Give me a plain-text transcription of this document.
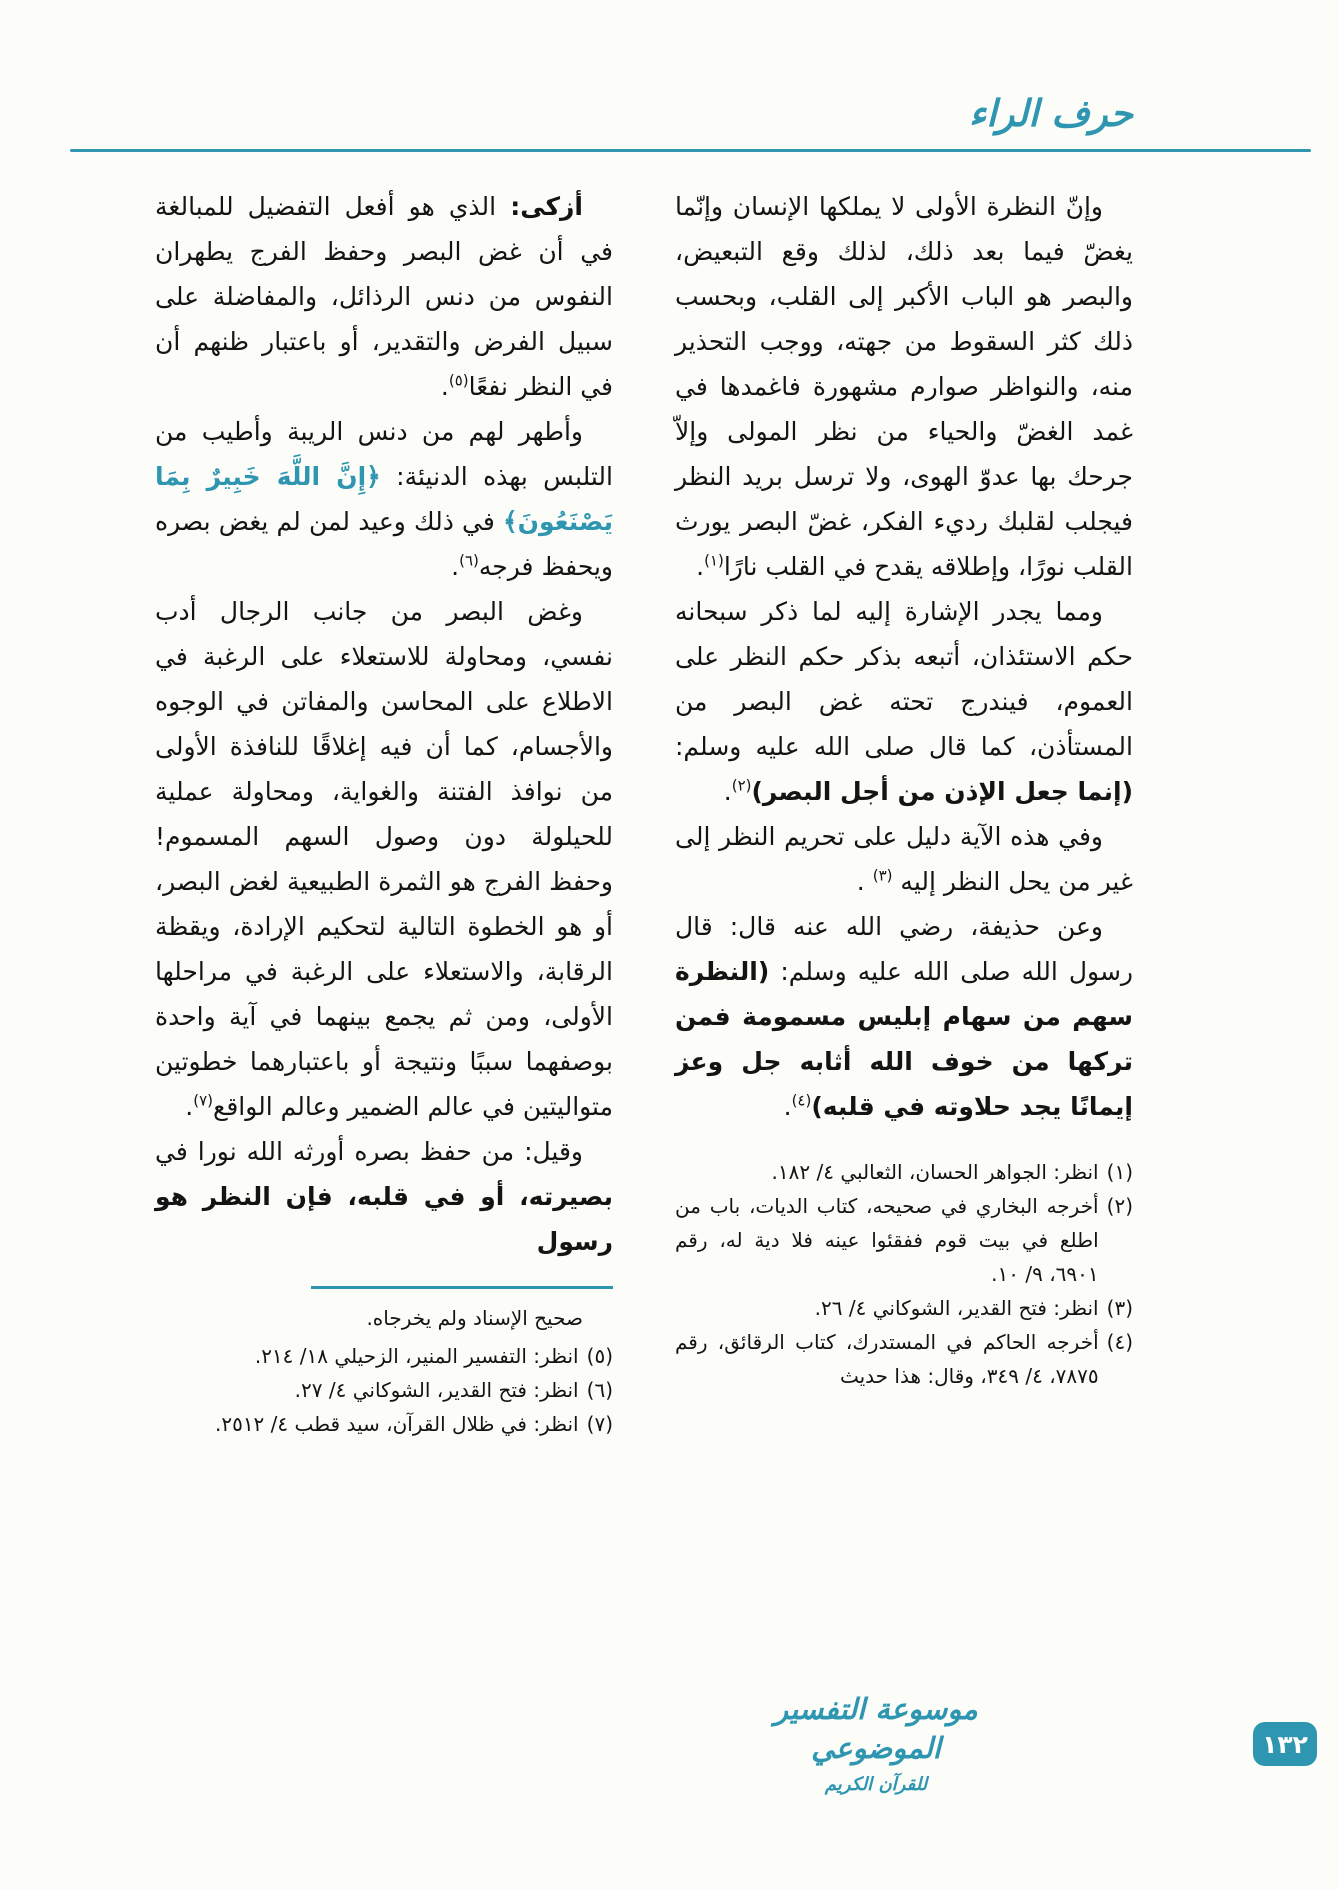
حرف الراء

وإنّ النظرة الأولى لا يملكها الإنسان وإنّما يغضّ فيما بعد ذلك، لذلك وقع التبعيض، والبصر هو الباب الأكبر إلى القلب، وبحسب ذلك كثر السقوط من جهته، ووجب التحذير منه، والنواظر صوارم مشهورة فاغمدها في غمد الغضّ والحياء من نظر المولى وإلاّ جرحك بها عدوّ الهوى، ولا ترسل بريد النظر فيجلب لقلبك رديء الفكر، غضّ البصر يورث القلب نورًا، وإطلاقه يقدح في القلب نارًا$^{(١)}$.

ومما يجدر الإشارة إليه لما ذكر سبحانه حكم الاستئذان، أتبعه بذكر حكم النظر على العموم، فيندرج تحته غض البصر من المستأذن، كما قال صلى الله عليه وسلم: (إنما جعل الإذن من أجل البصر)$^{(٢)}$.

وفي هذه الآية دليل على تحريم النظر إلى غير من يحل النظر إليه $^{(٣)}$ .

وعن حذيفة، رضي الله عنه قال: قال رسول الله صلى الله عليه وسلم: (النظرة سهم من سهام إبليس مسمومة فمن تركها من خوف الله أثابه جل وعز إيمانًا يجد حلاوته في قلبه)$^{(٤)}$.

(١)
انظر: الجواهر الحسان، الثعالبي ٤/ ١٨٢.
(٢)
أخرجه البخاري في صحيحه، كتاب الديات، باب من اطلع في بيت قوم ففقئوا عينه فلا دية له، رقم ٦٩٠١، ٩/ ١٠.
(٣)
انظر: فتح القدير، الشوكاني ٤/ ٢٦.
(٤)
أخرجه الحاكم في المستدرك، كتاب الرقائق، رقم ٧٨٧٥، ٤/ ٣٤٩، وقال: هذا حديث

أزكى: الذي هو أفعل التفضيل للمبالغة في أن غض البصر وحفظ الفرج يطهران النفوس من دنس الرذائل، والمفاضلة على سبيل الفرض والتقدير، أو باعتبار ظنهم أن في النظر نفعًا$^{(٥)}$.

وأطهر لهم من دنس الريبة وأطيب من التلبس بهذه الدنيئة: ﴿إِنَّ اللَّهَ خَبِيرٌ بِمَا يَصْنَعُونَ﴾ في ذلك وعيد لمن لم يغض بصره ويحفظ فرجه$^{(٦)}$.

وغض البصر من جانب الرجال أدب نفسي، ومحاولة للاستعلاء على الرغبة في الاطلاع على المحاسن والمفاتن في الوجوه والأجسام، كما أن فيه إغلاقًا للنافذة الأولى من نوافذ الفتنة والغواية، ومحاولة عملية للحيلولة دون وصول السهم المسموم! وحفظ الفرج هو الثمرة الطبيعية لغض البصر، أو هو الخطوة التالية لتحكيم الإرادة، ويقظة الرقابة، والاستعلاء على الرغبة في مراحلها الأولى، ومن ثم يجمع بينهما في آية واحدة بوصفهما سببًا ونتيجة أو باعتبارهما خطوتين متواليتين في عالم الضمير وعالم الواقع$^{(٧)}$.

وقيل: من حفظ بصره أورثه الله نورا في بصيرته، أو في قلبه، فإن النظر هو رسول

صحيح الإسناد ولم يخرجاه.
(٥)
انظر: التفسير المنير، الزحيلي ١٨/ ٢١٤.
(٦)
انظر: فتح القدير، الشوكاني ٤/ ٢٧.
(٧)
انظر: في ظلال القرآن، سيد قطب ٤/ ٢٥١٢.
موسوعة التفسير الموضوعي
للقرآن الكريم
١٣٢
